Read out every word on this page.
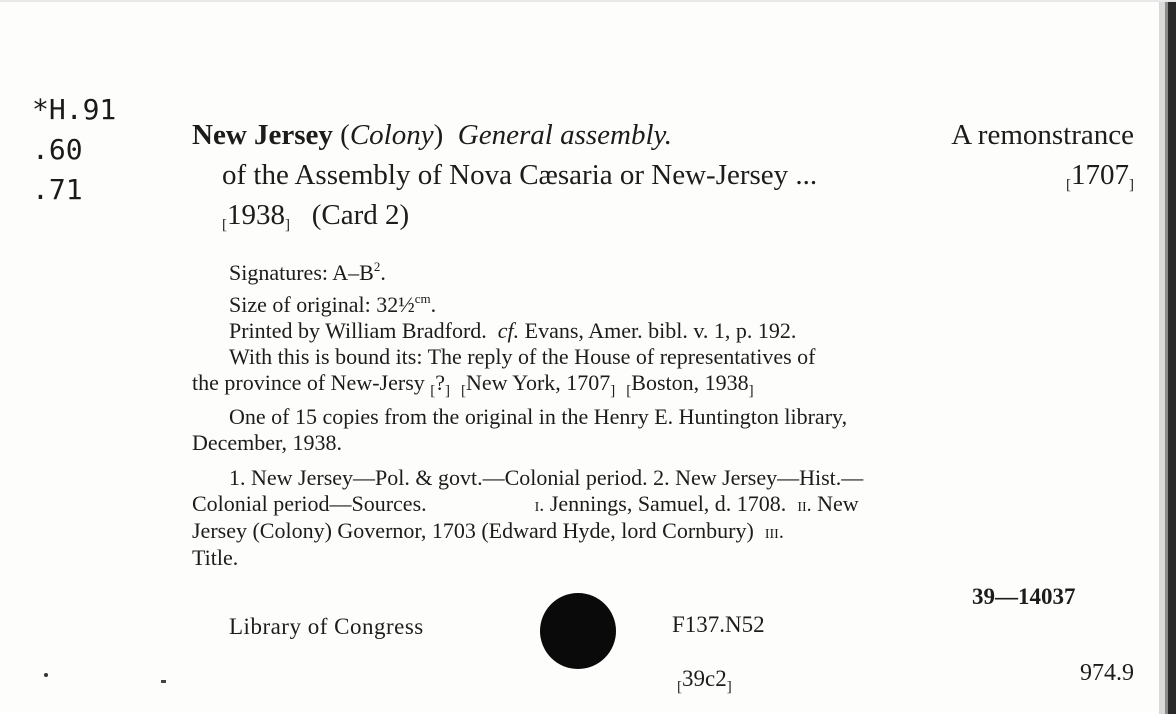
*H.91
.60
.71
New Jersey (Colony) General assembly.	A remonstrance
of the Assembly of Nova Cæsaria or New-Jersey ...	[1707]
[1938] (Card 2)
Signatures: $A-B^2$.
Size of original: 32½$^{cm}$.
Printed by William Bradford. cf. Evans, Amer. bibl. v. 1, p. 192.
With this is bound its: The reply of the House of representatives of
the province of New-Jersy $_[?_]$ $_[$New York, $1707_]$ $_[$Boston, $1938_]$
One of 15 copies from the original in the Henry E. Huntington library,
December, 1938.
1. New Jersey—Pol. & govt.—Colonial period. 2. New Jersey—Hist.—
Colonial period—Sources.	i. Jennings, Samuel, d. 1708. ii. New
Jersey (Colony) Governor, 1703 (Edward Hyde, lord Cornbury) iii.
Title.
Library of Congress	F137.N52
39—14037
$_[39c2_]$
974.9
